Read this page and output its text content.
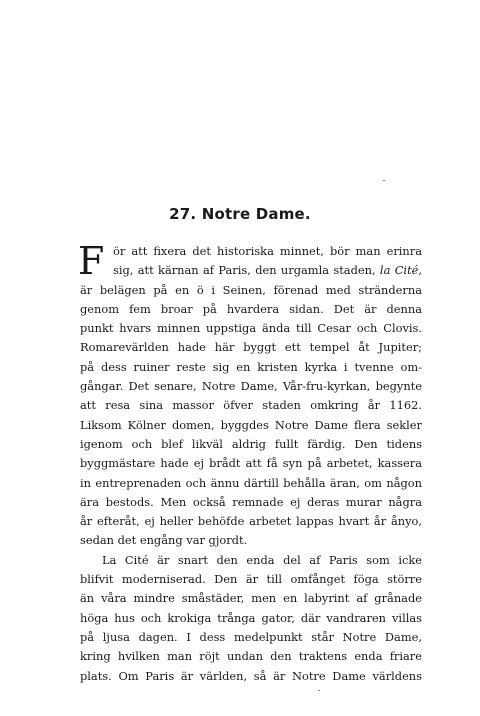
27. Notre Dame.
F ör att fixera det historiska minnet, bör man erinra
sig, att kärnan af Paris, den urgamla staden, la Cité,
är belägen på en ö i Seinen, förenad med stränderna
genom fem broar på hvardera sidan. Det är denna
punkt hvars minnen uppstiga ända till Cesar och Clovis.
Romarevärlden hade här byggt ett tempel åt Jupiter;
på dess ruiner reste sig en kristen kyrka i tvenne om-
gångar. Det senare, Notre Dame, Vår-fru-kyrkan, begynte
att resa sina massor öfver staden omkring år 1162.
Liksom Kölner domen, byggdes Notre Dame flera sekler
igenom och blef likväl aldrig fullt färdig. Den tidens
byggmästare hade ej brådt att få syn på arbetet, kassera
in entreprenaden och ännu därtill behålla äran, om någon
ära bestods. Men också remnade ej deras murar några
år efteråt, ej heller behöfde arbetet lappas hvart år ånyo,
sedan det engång var gjordt.
La Cité är snart den enda del af Paris som icke
blifvit moderniserad. Den är till omfånget föga större
än våra mindre småstäder, men en labyrint af grånade
höga hus och krokiga trånga gator, där vandraren villas
på ljusa dagen. I dess medelpunkt står Notre Dame,
kring hvilken man röjt undan den traktens enda friare
plats. Om Paris är världen, så är Notre Dame världens
